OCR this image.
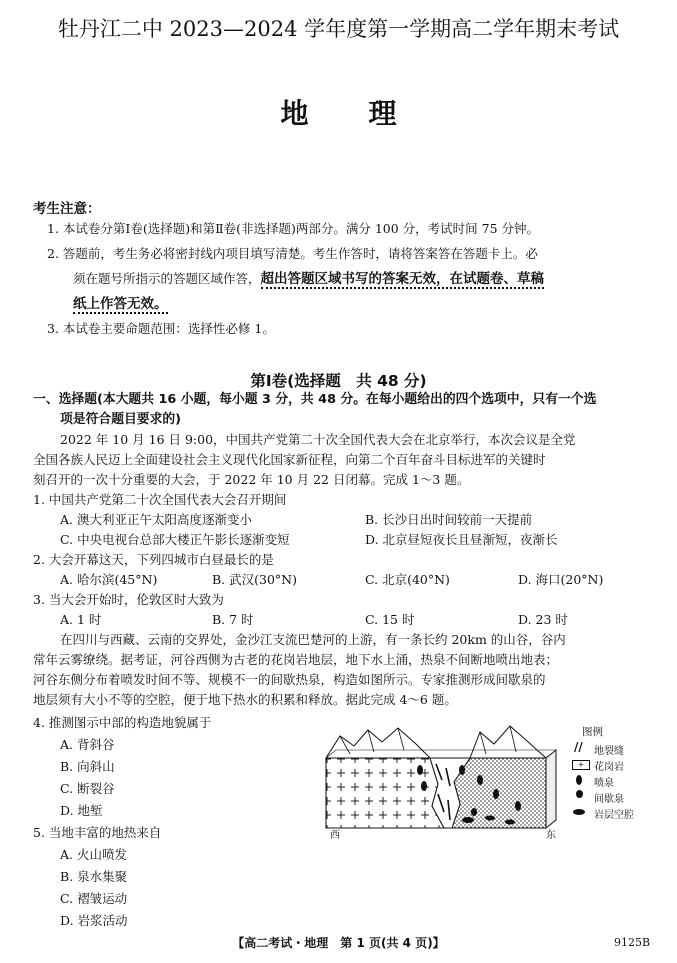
牡丹江二中 2023—2024 学年度第一学期高二学年期末考试
地理
考生注意：
1. 本试卷分第Ⅰ卷(选择题)和第Ⅱ卷(非选择题)两部分。满分 100 分，考试时间 75 分钟。
2. 答题前，考生务必将密封线内项目填写清楚。考生作答时，请将答案答在答题卡上。必
须在题号所指示的答题区域作答，超出答题区域书写的答案无效，在试题卷、草稿
纸上作答无效。
3. 本试卷主要命题范围：选择性必修 1。
第Ⅰ卷(选择题　共 48 分)
一、选择题(本大题共 16 小题，每小题 3 分，共 48 分。在每小题给出的四个选项中，只有一个选
项是符合题目要求的)
2022 年 10 月 16 日 9:00，中国共产党第二十次全国代表大会在北京举行，本次会议是全党
全国各族人民迈上全面建设社会主义现代化国家新征程，向第二个百年奋斗目标进军的关键时
刻召开的一次十分重要的大会，于 2022 年 10 月 22 日闭幕。完成 1～3 题。
1. 中国共产党第二十次全国代表大会召开期间
A. 澳大利亚正午太阳高度逐渐变小	B. 长沙日出时间较前一天提前
C. 中央电视台总部大楼正午影长逐渐变短	D. 北京昼短夜长且昼渐短，夜渐长
2. 大会开幕这天，下列四城市白昼最长的是
A. 哈尔滨(45°N)	B. 武汉(30°N)	C. 北京(40°N)	D. 海口(20°N)
3. 当大会开始时，伦敦区时大致为
A. 1 时	B. 7 时	C. 15 时	D. 23 时
在四川与西藏、云南的交界处，金沙江支流巴楚河的上游，有一条长约 20km 的山谷，谷内
常年云雾缭绕。据考证，河谷西侧为古老的花岗岩地层，地下水上涌，热泉不间断地喷出地表；
河谷东侧分布着喷发时间不等、规模不一的间歇热泉，构造如图所示。专家推测形成间歇泉的
地层须有大小不等的空腔，便于地下热水的积累和释放。据此完成 4～6 题。
4. 推测图示中部的构造地貌属于
A. 背斜谷
B. 向斜山
C. 断裂谷
D. 地堑
5. 当地丰富的地热来自
A. 火山喷发
B. 泉水集聚
C. 褶皱运动
D. 岩浆活动
图例
// 地裂缝
+ 花岗岩
喷泉
间歇泉
岩层空腔
西	东
【高二考试・地理　第 1 页(共 4 页)】	9125B
